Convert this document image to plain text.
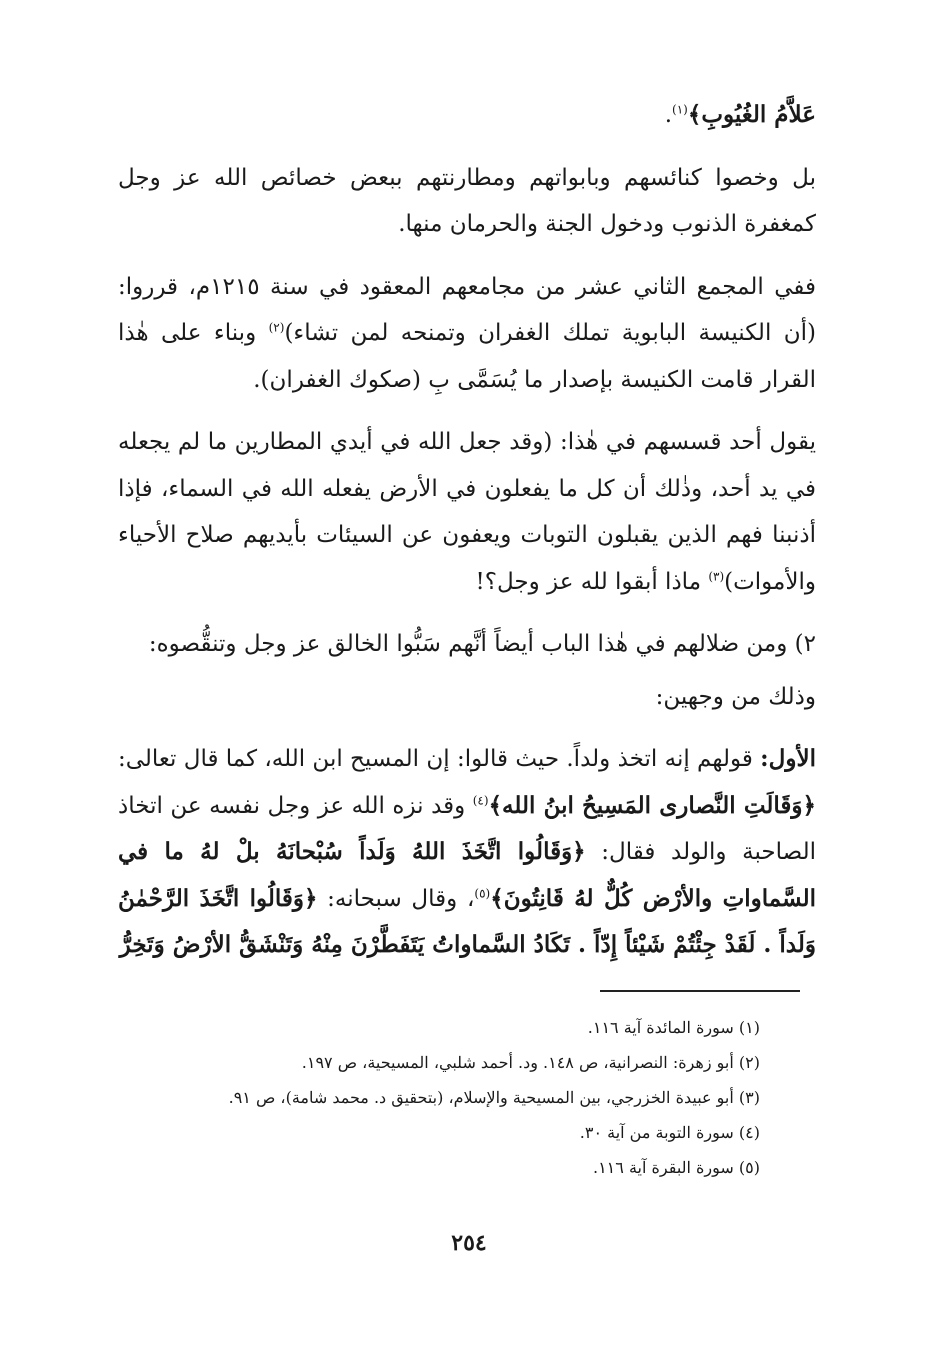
عَلاَّمُ الغُيُوبِ﴾$^{(١)}$.

بل وخصوا كنائسهم وبابواتهم ومطارنتهم ببعض خصائص الله عز وجل كمغفرة الذنوب ودخول الجنة والحرمان منها.

ففي المجمع الثاني عشر من مجامعهم المعقود في سنة ١٢١٥م، قرروا: (أن الكنيسة البابوية تملك الغفران وتمنحه لمن تشاء)$^{(٢)}$ وبناء على هٰذا القرار قامت الكنيسة بإصدار ما يُسَمَّى بِ (صكوك الغفران).

يقول أحد قسسهم في هٰذا: (وقد جعل الله في أيدي المطارين ما لم يجعله في يد أحد، وذٰلك أن كل ما يفعلون في الأرض يفعله الله في السماء، فإذا أذنبنا فهم الذين يقبلون التوبات ويعفون عن السيئات بأيديهم صلاح الأحياء والأموات)$^{(٣)}$ ماذا أبقوا لله عز وجل؟!

٢) ومن ضلالهم في هٰذا الباب أيضاً أنَّهم سَبُّوا الخالق عز وجل وتنقُّصوه:

وذلك من وجهين:

الأول: قولهم إنه اتخذ ولداً. حيث قالوا: إن المسيح ابن الله، كما قال تعالى: ﴿وَقَالَتِ النَّصارى المَسِيحُ ابنُ الله﴾$^{(٤)}$ وقد نزه الله عز وجل نفسه عن اتخاذ الصاحبة والولد فقال: ﴿وَقَالُوا اتَّخَذَ اللهُ وَلَداً سُبْحانَهُ بلْ لهُ ما في السَّماواتِ والأرْض كُلٌّ لهُ قَانِتُونَ﴾$^{(٥)}$، وقال سبحانه: ﴿وَقَالُوا اتَّخَذَ الرَّحْمٰنُ وَلَداً . لَقَدْ جِئْتُمْ شَيْئاً إِدّاً . تَكَادُ السَّماواتُ يَتَفَطَّرْنَ مِنْهُ وَتَنْشَقُّ الأرْضُ وَتَخِرُّ

(١) سورة المائدة آية ١١٦.
(٢) أبو زهرة: النصرانية، ص ١٤٨. ود. أحمد شلبي، المسيحية، ص ١٩٧.
(٣) أبو عبيدة الخزرجي، بين المسيحية والإسلام، (بتحقيق د. محمد شامة)، ص ٩١.
(٤) سورة التوبة من آية ٣٠.
(٥) سورة البقرة آية ١١٦.
٢٥٤
